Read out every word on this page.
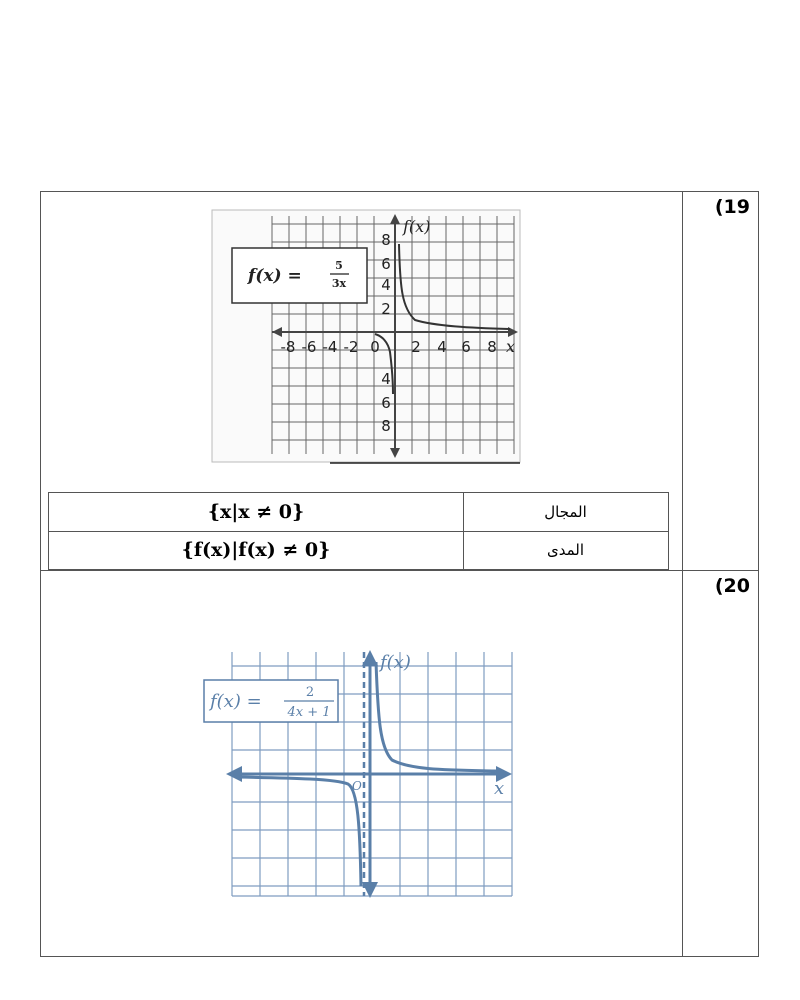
(19
(20
f(x)
x
-8 -6 -4 -2 0 2 4 6 8
8
6
4
2
4
6
8
f(x) =
5
3x
{x|x ≠ 0}	المجال
{f(x)|f(x) ≠ 0}	المدى
f(x)
x
O
f(x) =	2
4x + 1
